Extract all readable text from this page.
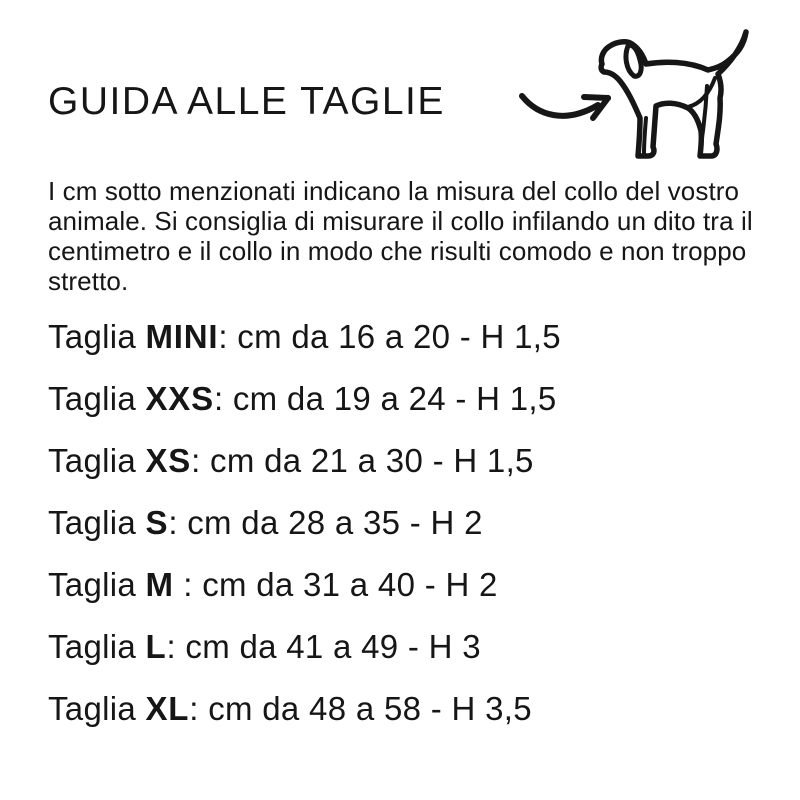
GUIDA ALLE TAGLIE

I cm sotto menzionati indicano la misura del collo del vostro animale. Si consiglia di misurare il collo infilando un dito tra il centimetro e il collo in modo che risulti comodo e non troppo stretto.

Taglia MINI: cm da 16 a 20 - H 1,5

Taglia XXS: cm da 19 a 24 - H 1,5

Taglia XS: cm da 21 a 30 - H 1,5

Taglia S: cm da 28 a 35 - H 2

Taglia M : cm da 31 a 40 - H 2

Taglia L: cm da 41 a 49 - H 3

Taglia XL: cm da 48 a 58 - H 3,5
